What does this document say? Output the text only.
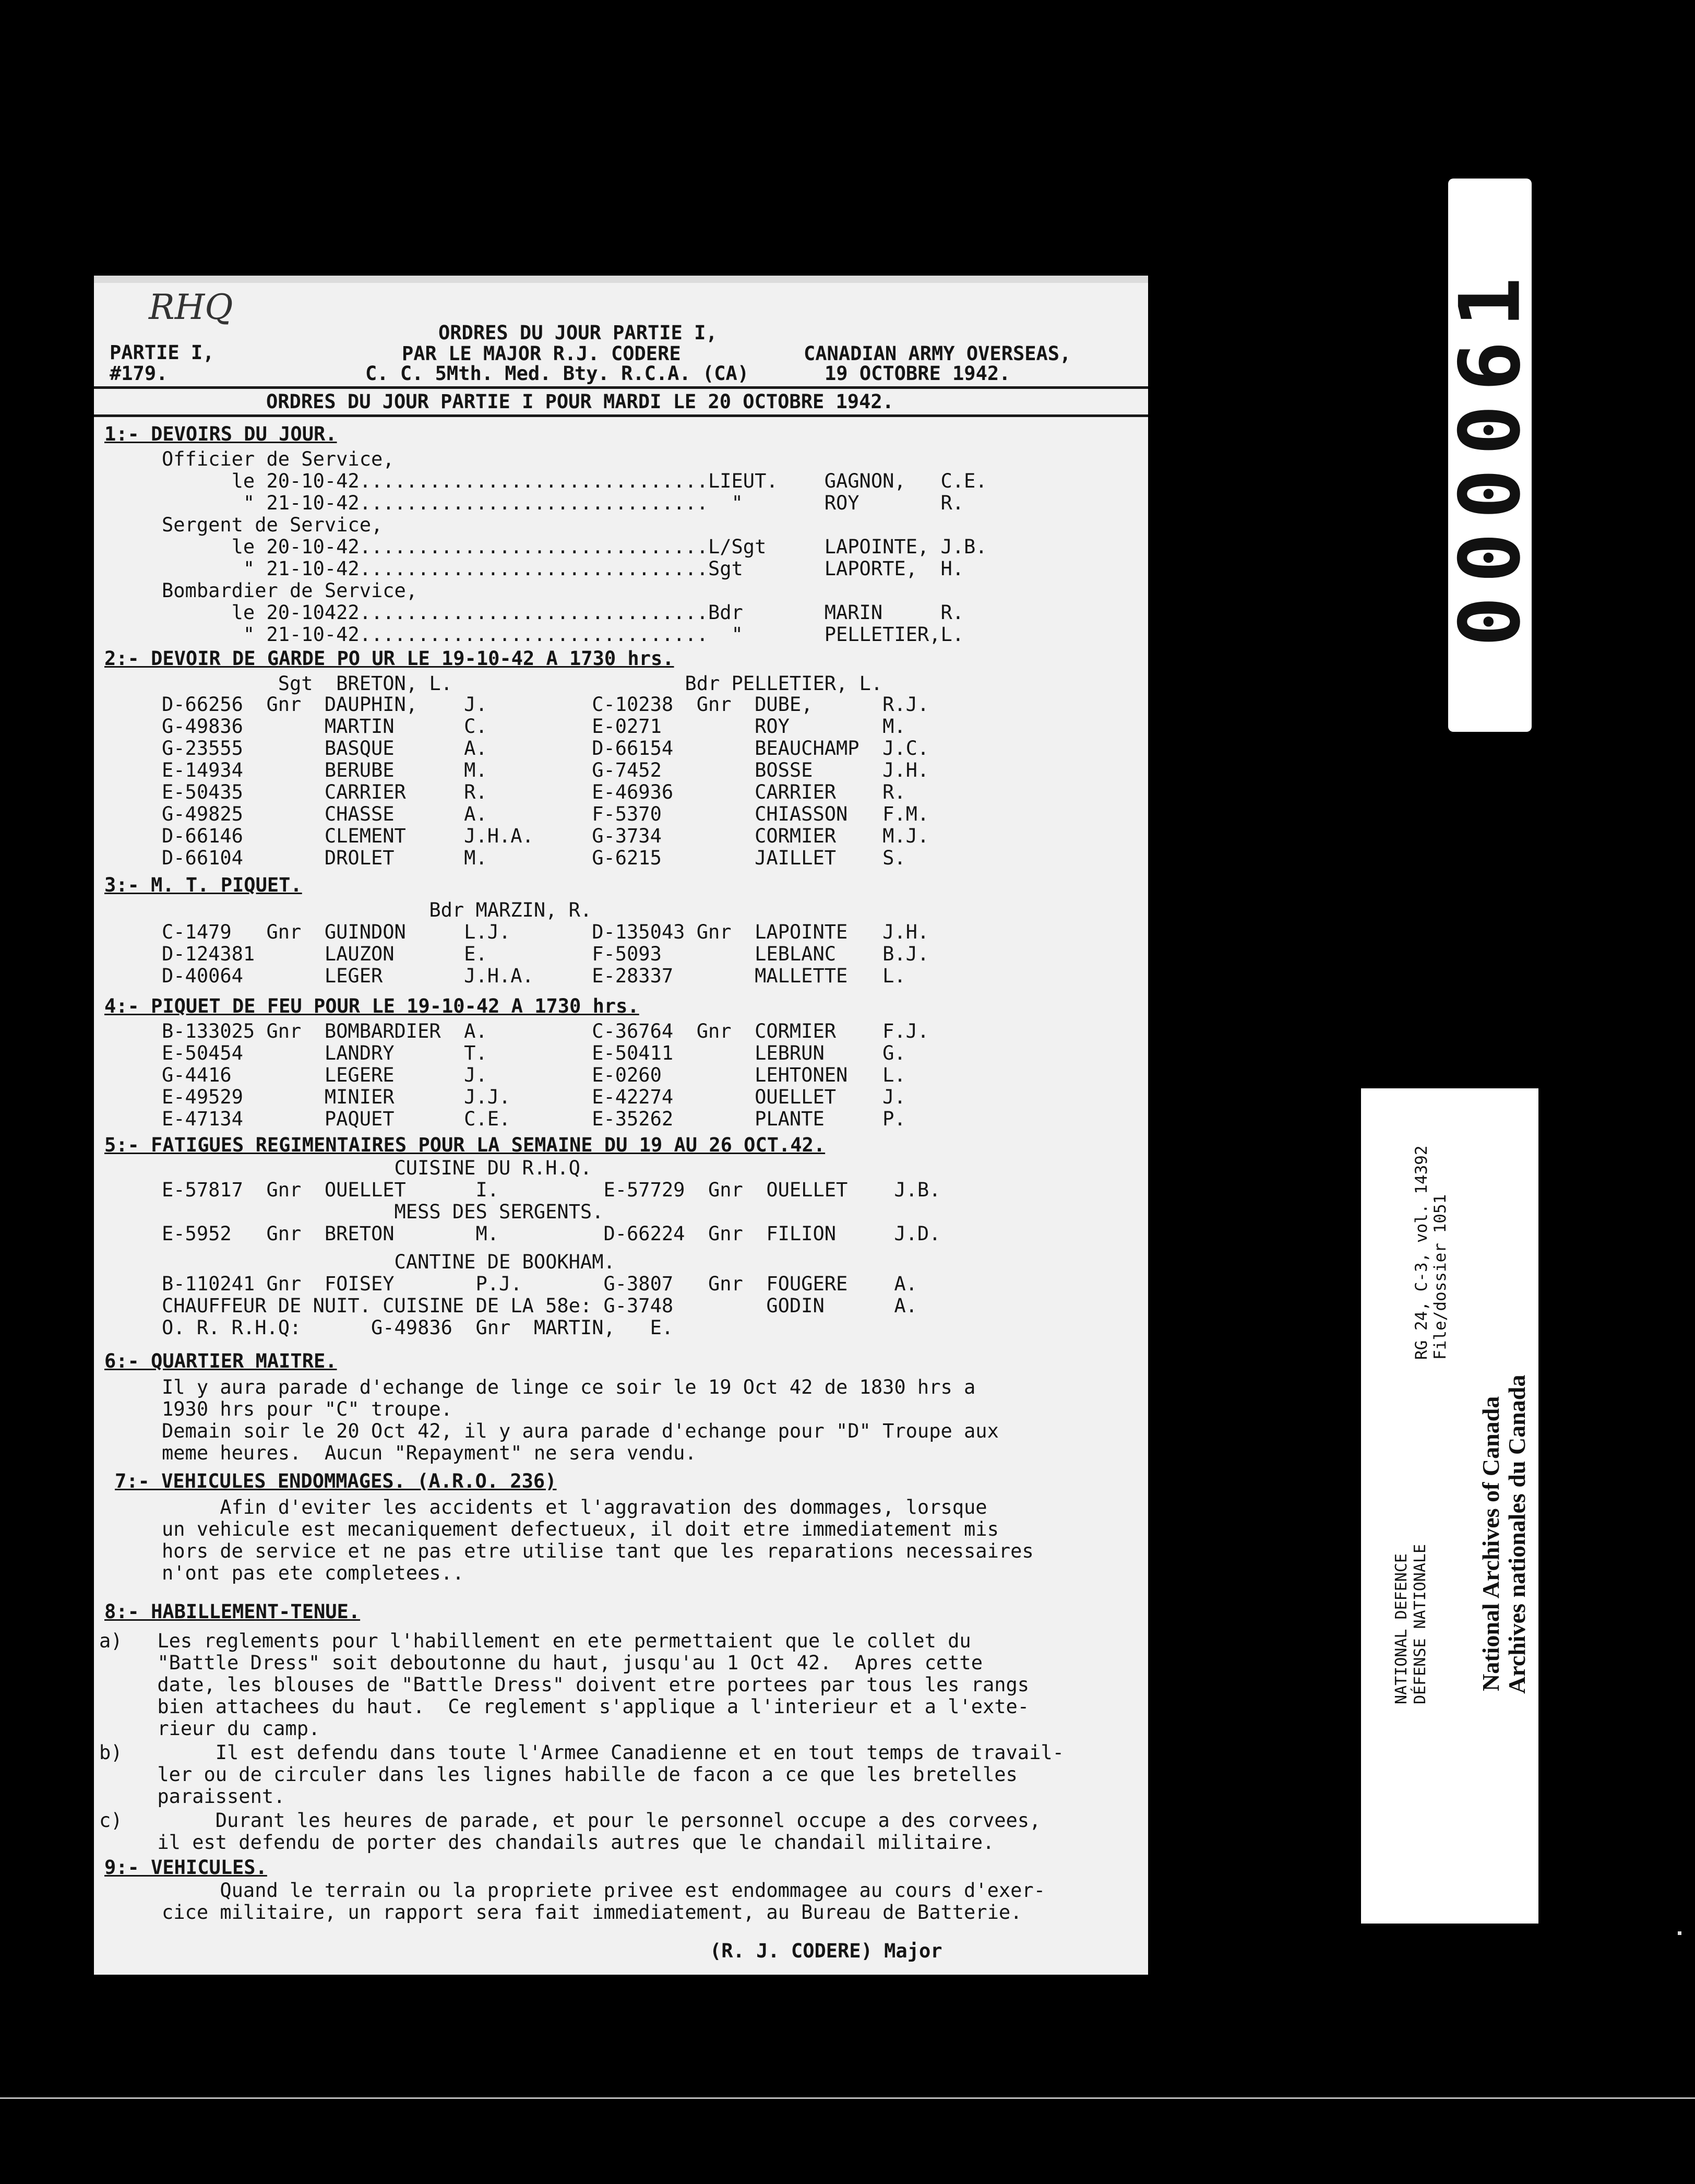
RHQ
PARTIE I,
#179.
ORDRES DU JOUR PARTIE I,
PAR LE MAJOR R.J. CODERE	CANADIAN ARMY OVERSEAS,
C. C. 5Mth. Med. Bty. R.C.A. (CA)	19 OCTOBRE 1942.
ORDRES DU JOUR PARTIE I POUR MARDI LE 20 OCTOBRE 1942.
1:- DEVOIRS DU JOUR.
Officier de Service,
le 20-10-42..............................LIEUT.    GAGNON,   C.E.
" 21-10-42..............................  "       ROY       R.
Sergent de Service,
le 20-10-42..............................L/Sgt     LAPOINTE, J.B.
" 21-10-42..............................Sgt       LAPORTE,  H.
Bombardier de Service,
le 20-10422..............................Bdr       MARIN     R.
" 21-10-42..............................  "       PELLETIER,L.
2:- DEVOIR DE GARDE PO UR LE 19-10-42 A 1730 hrs.
Sgt  BRETON, L.                    Bdr PELLETIER, L.
D-66256  Gnr  DAUPHIN,    J.         C-10238  Gnr  DUBE,      R.J.
G-49836       MARTIN      C.         E-0271        ROY        M.
G-23555       BASQUE      A.         D-66154       BEAUCHAMP  J.C.
E-14934       BERUBE      M.         G-7452        BOSSE      J.H.
E-50435       CARRIER     R.         E-46936       CARRIER    R.
G-49825       CHASSE      A.         F-5370        CHIASSON   F.M.
D-66146       CLEMENT     J.H.A.     G-3734        CORMIER    M.J.
D-66104       DROLET      M.         G-6215        JAILLET    S.
3:- M. T. PIQUET.
Bdr MARZIN, R.
C-1479   Gnr  GUINDON     L.J.       D-135043 Gnr  LAPOINTE   J.H.
D-124381      LAUZON      E.         F-5093        LEBLANC    B.J.
D-40064       LEGER       J.H.A.     E-28337       MALLETTE   L.
4:- PIQUET DE FEU POUR LE 19-10-42 A 1730 hrs.
B-133025 Gnr  BOMBARDIER  A.         C-36764  Gnr  CORMIER    F.J.
E-50454       LANDRY      T.         E-50411       LEBRUN     G.
G-4416        LEGERE      J.         E-0260        LEHTONEN   L.
E-49529       MINIER      J.J.       E-42274       OUELLET    J.
E-47134       PAQUET      C.E.       E-35262       PLANTE     P.
5:- FATIGUES REGIMENTAIRES POUR LA SEMAINE DU 19 AU 26 OCT.42.
CUISINE DU R.H.Q.
E-57817  Gnr  OUELLET      I.         E-57729  Gnr  OUELLET    J.B.
MESS DES SERGENTS.
E-5952   Gnr  BRETON       M.         D-66224  Gnr  FILION     J.D.
CANTINE DE BOOKHAM.
B-110241 Gnr  FOISEY       P.J.       G-3807   Gnr  FOUGERE    A.
CHAUFFEUR DE NUIT. CUISINE DE LA 58e: G-3748        GODIN      A.
O. R. R.H.Q:      G-49836  Gnr  MARTIN,   E.
6:- QUARTIER MAITRE.
Il y aura parade d'echange de linge ce soir le 19 Oct 42 de 1830 hrs a
1930 hrs pour "C" troupe.
Demain soir le 20 Oct 42, il y aura parade d'echange pour "D" Troupe aux
meme heures.  Aucun "Repayment" ne sera vendu.
7:- VEHICULES ENDOMMAGES. (A.R.O. 236)
Afin d'eviter les accidents et l'aggravation des dommages, lorsque
un vehicule est mecaniquement defectueux, il doit etre immediatement mis
hors de service et ne pas etre utilise tant que les reparations necessaires
n'ont pas ete completees..
8:- HABILLEMENT-TENUE.
a)   Les reglements pour l'habillement en ete permettaient que le collet du
"Battle Dress" soit deboutonne du haut, jusqu'au 1 Oct 42.  Apres cette
date, les blouses de "Battle Dress" doivent etre portees par tous les rangs
bien attachees du haut.  Ce reglement s'applique a l'interieur et a l'exte-
rieur du camp.
b)        Il est defendu dans toute l'Armee Canadienne et en tout temps de travail-
ler ou de circuler dans les lignes habille de facon a ce que les bretelles
paraissent.
c)        Durant les heures de parade, et pour le personnel occupe a des corvees,
il est defendu de porter des chandails autres que le chandail militaire.
9:- VEHICULES.
Quand le terrain ou la propriete privee est endommagee au cours d'exer-
cice militaire, un rapport sera fait immediatement, au Bureau de Batterie.
(R. J. CODERE) Major
000061
NATIONAL DEFENCE DÉFENSE NATIONALE
RG 24, C-3, vol. 14392 File/dossier 1051
National Archives of Canada Archives nationales du Canada
